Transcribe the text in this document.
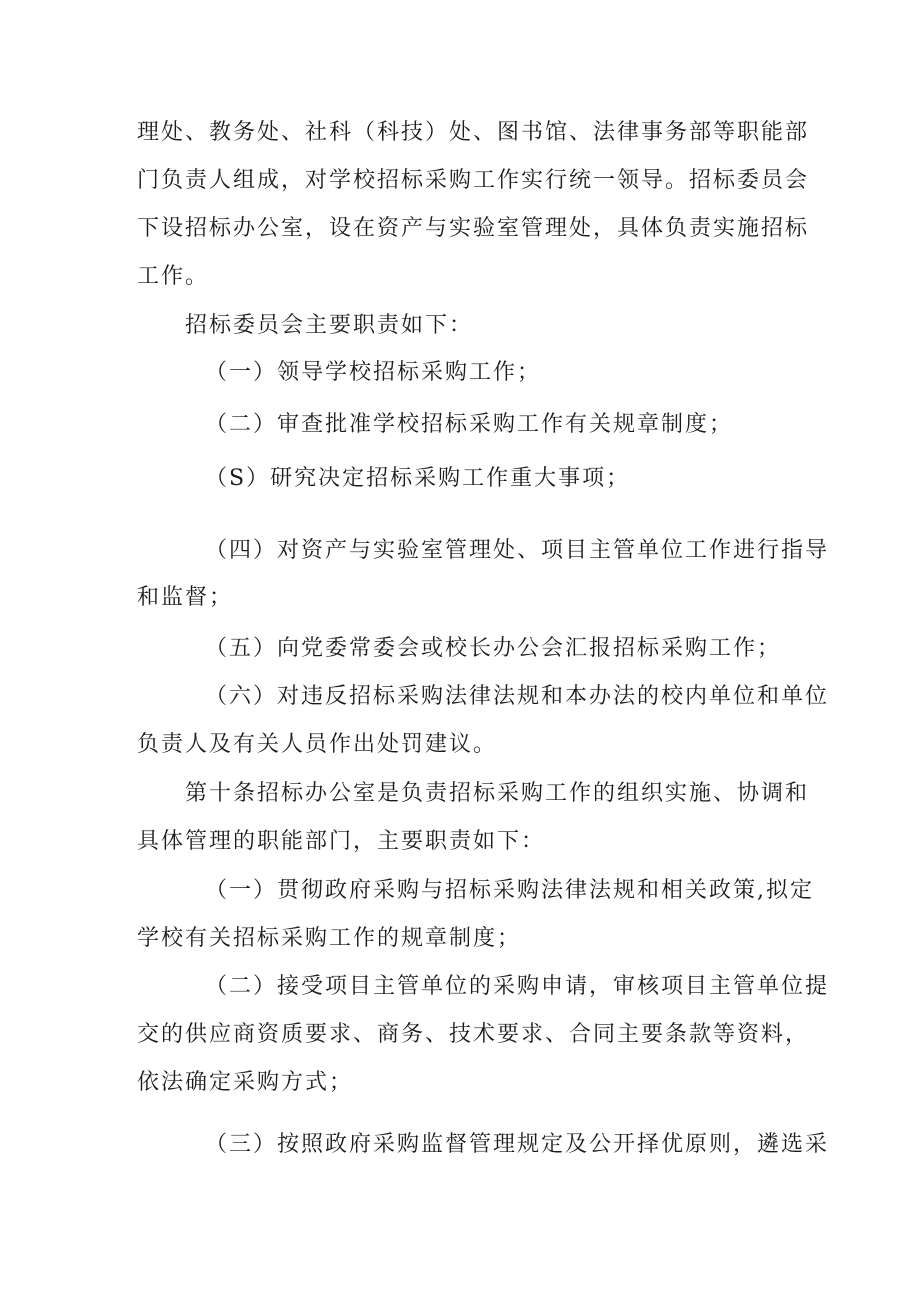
理处、教务处、社科（科技）处、图书馆、法律事务部等职能部
门负责人组成，对学校招标采购工作实行统一领导。招标委员会
下设招标办公室，设在资产与实验室管理处，具体负责实施招标
工作。
招标委员会主要职责如下：
（一）领导学校招标采购工作；
（二）审查批准学校招标采购工作有关规章制度；
（S）研究决定招标采购工作重大事项；
（四）对资产与实验室管理处、项目主管单位工作进行指导
和监督；
（五）向党委常委会或校长办公会汇报招标采购工作；
（六）对违反招标采购法律法规和本办法的校内单位和单位
负责人及有关人员作出处罚建议。
第十条招标办公室是负责招标采购工作的组织实施、协调和
具体管理的职能部门，主要职责如下：
（一）贯彻政府采购与招标采购法律法规和相关政策,拟定
学校有关招标采购工作的规章制度；
（二）接受项目主管单位的采购申请，审核项目主管单位提
交的供应商资质要求、商务、技术要求、合同主要条款等资料，
依法确定采购方式；
（三）按照政府采购监督管理规定及公开择优原则，遴选采
